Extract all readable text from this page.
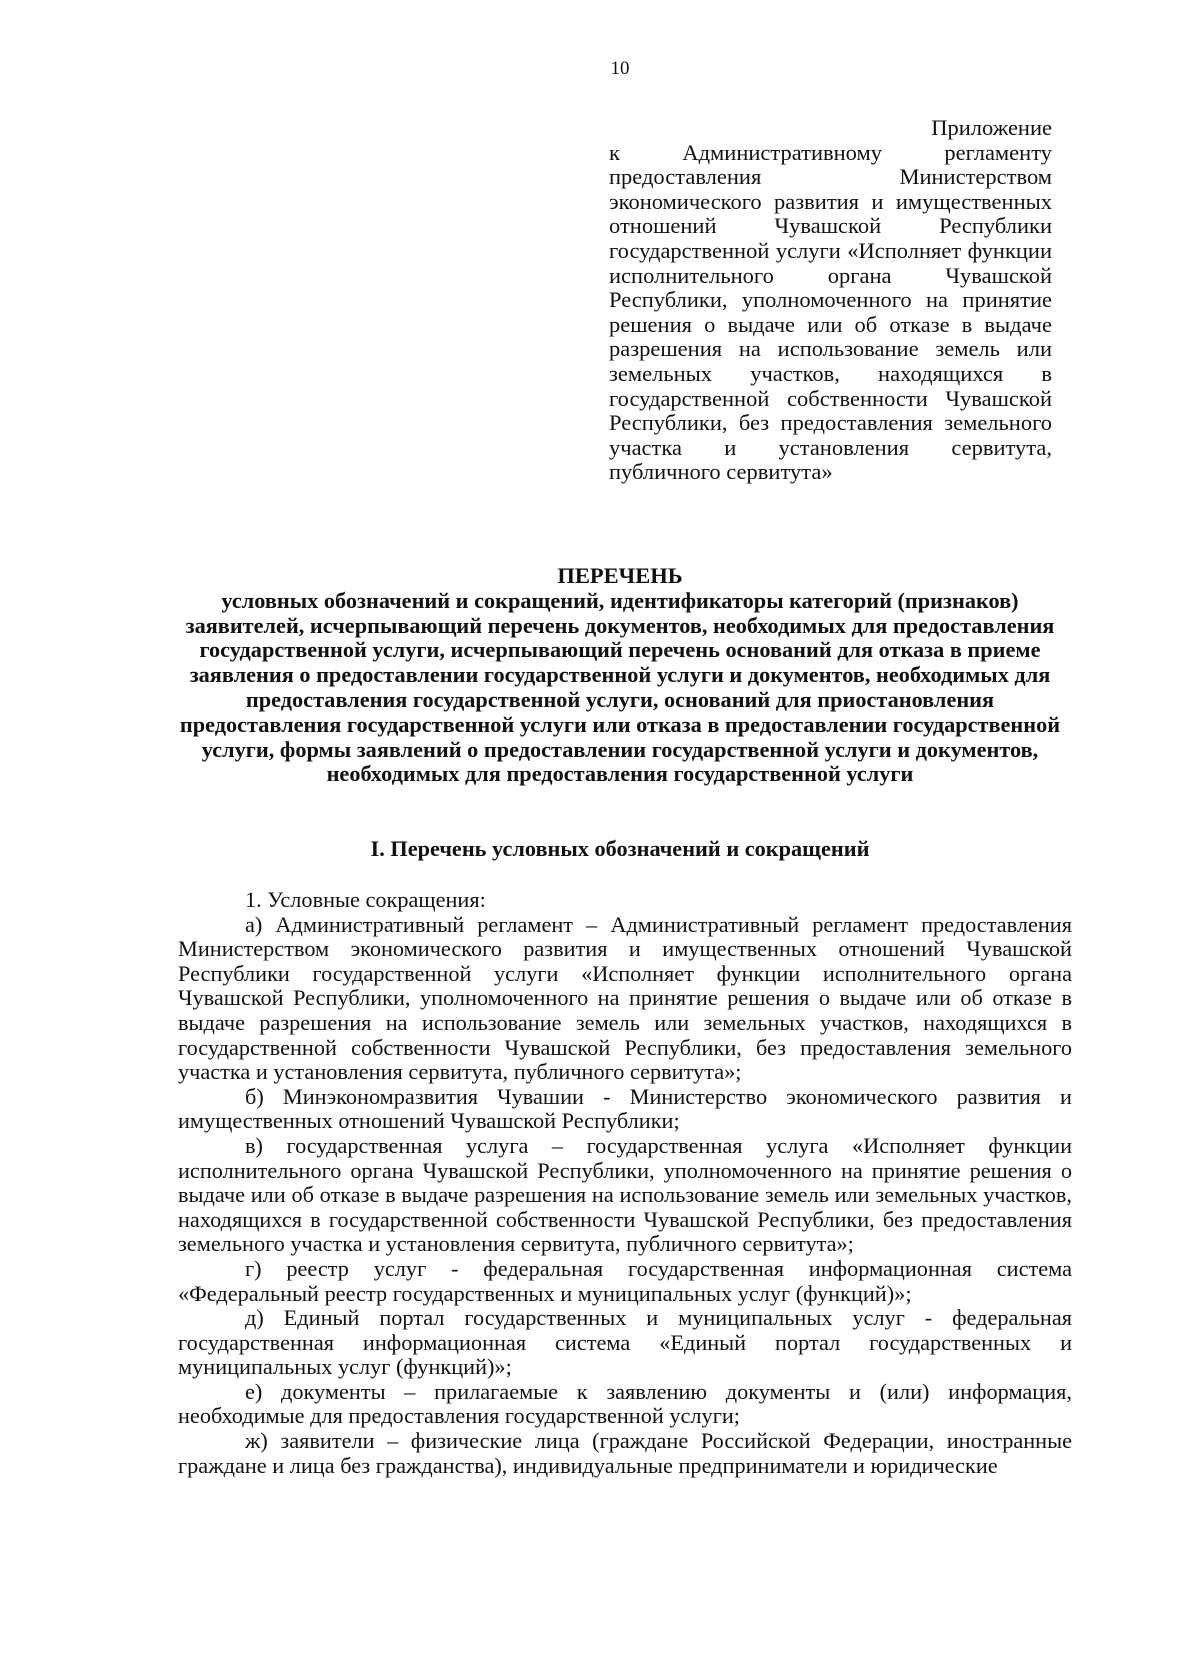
10
Приложение
к Административному регламенту предоставления Министерством экономического развития и имущественных отношений Чувашской Республики государственной услуги «Исполняет функции исполнительного органа Чувашской Республики, уполномоченного на принятие решения о выдаче или об отказе в выдаче разрешения на использование земель или земельных участков, находящихся в государственной собственности Чувашской Республики, без предоставления земельного участка и установления сервитута, публичного сервитута»
ПЕРЕЧЕНЬ
условных обозначений и сокращений, идентификаторы категорий (признаков) заявителей, исчерпывающий перечень документов, необходимых для предоставления государственной услуги, исчерпывающий перечень оснований для отказа в приеме заявления о предоставлении государственной услуги и документов, необходимых для предоставления государственной услуги, оснований для приостановления предоставления государственной услуги или отказа в предоставлении государственной услуги, формы заявлений о предоставлении государственной услуги и документов, необходимых для предоставления государственной услуги
I. Перечень условных обозначений и сокращений

1. Условные сокращения:

а) Административный регламент – Административный регламент предоставления Министерством экономического развития и имущественных отношений Чувашской Республики государственной услуги «Исполняет функции исполнительного органа Чувашской Республики, уполномоченного на принятие решения о выдаче или об отказе в выдаче разрешения на использование земель или земельных участков, находящихся в государственной собственности Чувашской Республики, без предоставления земельного участка и установления сервитута, публичного сервитута»;

б) Минэкономразвития Чувашии - Министерство экономического развития и имущественных отношений Чувашской Республики;

в) государственная услуга – государственная услуга «Исполняет функции исполнительного органа Чувашской Республики, уполномоченного на принятие решения о выдаче или об отказе в выдаче разрешения на использование земель или земельных участков, находящихся в государственной собственности Чувашской Республики, без предоставления земельного участка и установления сервитута, публичного сервитута»;

г) реестр услуг - федеральная государственная информационная система «Федеральный реестр государственных и муниципальных услуг (функций)»;

д) Единый портал государственных и муниципальных услуг - федеральная государственная информационная система «Единый портал государственных и муниципальных услуг (функций)»;

е) документы – прилагаемые к заявлению документы и (или) информация, необходимые для предоставления государственной услуги;

ж) заявители – физические лица (граждане Российской Федерации, иностранные граждане и лица без гражданства), индивидуальные предприниматели и юридические
